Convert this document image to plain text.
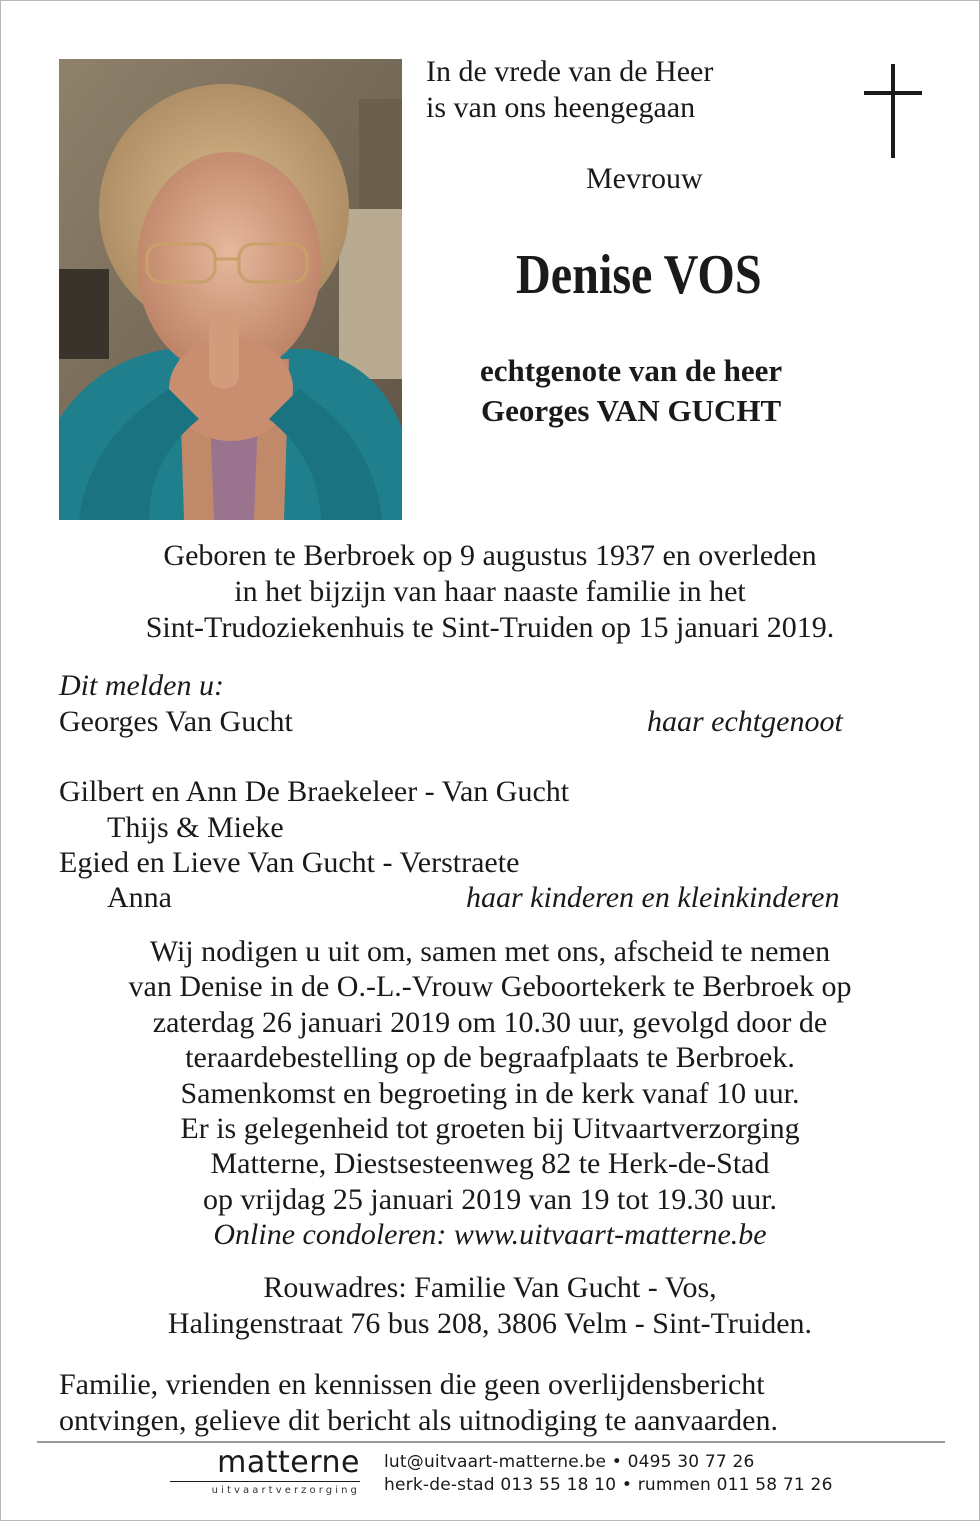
In de vrede van de Heer
is van ons heengegaan
Mevrouw
Denise VOS
echtgenote van de heer
Georges VAN GUCHT
Geboren te Berbroek op 9 augustus 1937 en overleden
in het bijzijn van haar naaste familie in het
Sint-Trudoziekenhuis te Sint-Truiden op 15 januari 2019.
Dit melden u:
Georges Van Gucht	haar echtgenoot
Gilbert en Ann De Braekeleer - Van Gucht
Thijs & Mieke
Egied en Lieve Van Gucht - Verstraete
Anna	haar kinderen en kleinkinderen
Wij nodigen u uit om, samen met ons, afscheid te nemen
van Denise in de O.-L.-Vrouw Geboortekerk te Berbroek op
zaterdag 26 januari 2019 om 10.30 uur, gevolgd door de
teraardebestelling op de begraafplaats te Berbroek.
Samenkomst en begroeting in de kerk vanaf 10 uur.
Er is gelegenheid tot groeten bij Uitvaartverzorging
Matterne, Diestsesteenweg 82 te Herk-de-Stad
op vrijdag 25 januari 2019 van 19 tot 19.30 uur.
Online condoleren: www.uitvaart-matterne.be
Rouwadres: Familie Van Gucht - Vos,
Halingenstraat 76 bus 208, 3806 Velm - Sint-Truiden.
Familie, vrienden en kennissen die geen overlijdensbericht
ontvingen, gelieve dit bericht als uitnodiging te aanvaarden.
matterne
uitvaartverzorging
lut@uitvaart-matterne.be • 0495 30 77 26
herk-de-stad 013 55 18 10 • rummen 011 58 71 26
